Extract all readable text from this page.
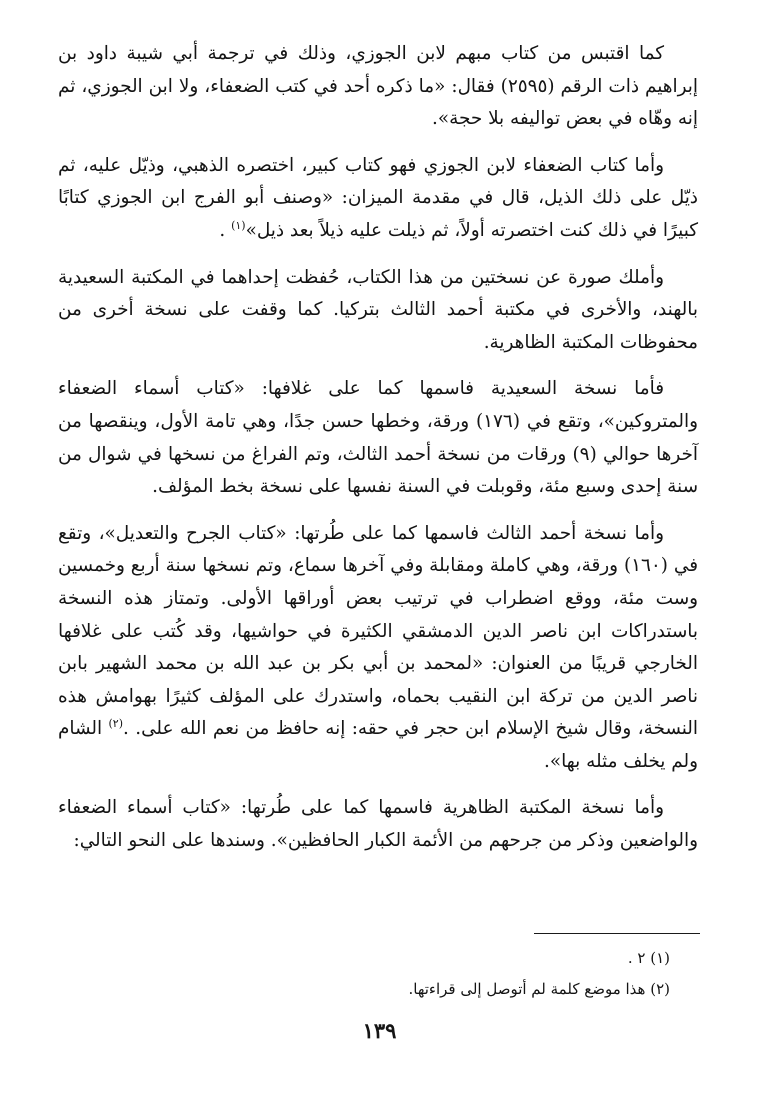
كما اقتبس من كتاب مبهم لابن الجوزي، وذلك في ترجمة أبي شيبة داود بن إبراهيم ذات الرقم (٢٥٩٥) فقال: «ما ذكره أحد في كتب الضعفاء، ولا ابن الجوزي، ثم إنه وهّاه في بعض تواليفه بلا حجة».

وأما كتاب الضعفاء لابن الجوزي فهو كتاب كبير، اختصره الذهبي، وذيّل عليه، ثم ذيّل على ذلك الذيل، قال في مقدمة الميزان: «وصنف أبو الفرج ابن الجوزي كتابًا كبيرًا في ذلك كنت اختصرته أولاً، ثم ذيلت عليه ذيلاً بعد ذيل»$^{(١)}$ .

وأملك صورة عن نسختين من هذا الكتاب، حُفظت إحداهما في المكتبة السعيدية بالهند، والأخرى في مكتبة أحمد الثالث بتركيا. كما وقفت على نسخة أخرى من محفوظات المكتبة الظاهرية.

فأما نسخة السعيدية فاسمها كما على غلافها: «كتاب أسماء الضعفاء والمتروكين»، وتقع في (١٧٦) ورقة، وخطها حسن جدًا، وهي تامة الأول، وينقصها من آخرها حوالي (٩) ورقات من نسخة أحمد الثالث، وتم الفراغ من نسخها في شوال من سنة إحدى وسبع مئة، وقوبلت في السنة نفسها على نسخة بخط المؤلف.

وأما نسخة أحمد الثالث فاسمها كما على طُرتها: «كتاب الجرح والتعديل»، وتقع في (١٦٠) ورقة، وهي كاملة ومقابلة وفي آخرها سماع، وتم نسخها سنة أربع وخمسين وست مئة، ووقع اضطراب في ترتيب بعض أوراقها الأولى. وتمتاز هذه النسخة باستدراكات ابن ناصر الدين الدمشقي الكثيرة في حواشيها، وقد كُتب على غلافها الخارجي قريبًا من العنوان: «لمحمد بن أبي بكر بن عبد الله بن محمد الشهير بابن ناصر الدين من تركة ابن النقيب بحماه، واستدرك على المؤلف كثيرًا بهوامش هذه النسخة، وقال شيخ الإسلام ابن حجر في حقه: إنه حافظ من نعم الله على. .$^{(٢)}$ الشام ولم يخلف مثله بها».

وأما نسخة المكتبة الظاهرية فاسمها كما على طُرتها: «كتاب أسماء الضعفاء والواضعين وذكر من جرحهم من الأئمة الكبار الحافظين». وسندها على النحو التالي:

(١) ٢ .

(٢) هذا موضع كلمة لم أتوصل إلى قراءتها.

١٣٩
